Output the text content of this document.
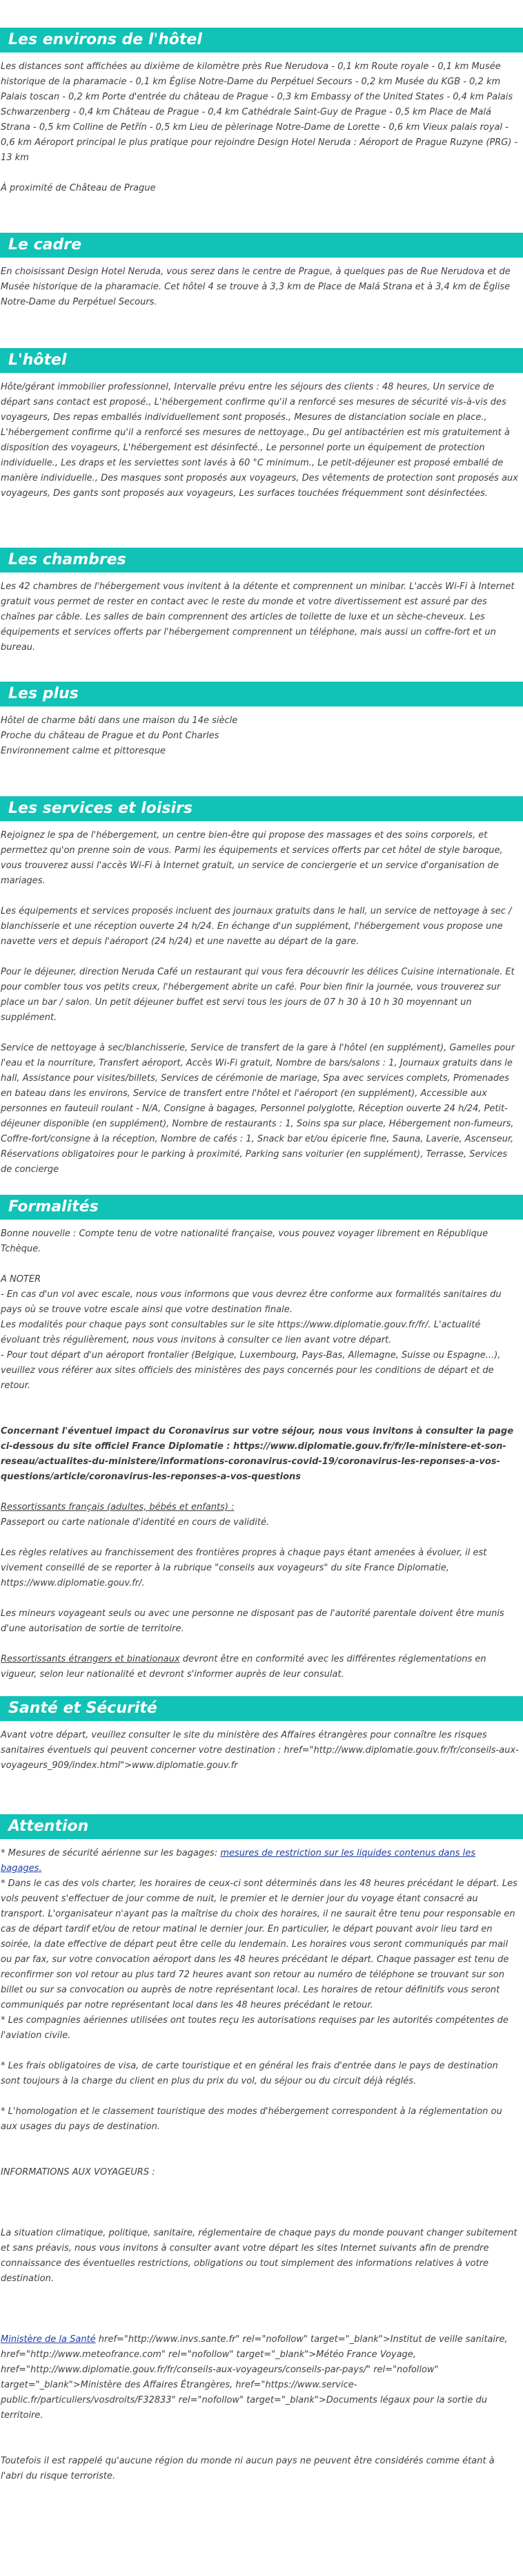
Les environs de l'hôtel

Les distances sont affichées au dixième de kilomètre près Rue Nerudova - 0,1 km Route royale - 0,1 km Musée historique de la pharamacie - 0,1 km Église Notre-Dame du Perpétuel Secours - 0,2 km Musée du KGB - 0,2 km Palais toscan - 0,2 km Porte d'entrée du château de Prague - 0,3 km Embassy of the United States - 0,4 km Palais Schwarzenberg - 0,4 km Château de Prague - 0,4 km Cathédrale Saint-Guy de Prague - 0,5 km Place de Malá Strana - 0,5 km Colline de Petřín - 0,5 km Lieu de pèlerinage Notre-Dame de Lorette - 0,6 km Vieux palais royal - 0,6 km Aéroport principal le plus pratique pour rejoindre Design Hotel Neruda : Aéroport de Prague Ruzyne (PRG) - 13 km

À proximité de Château de Prague

Le cadre

En choisissant Design Hotel Neruda, vous serez dans le centre de Prague, à quelques pas de Rue Nerudova et de Musée historique de la pharamacie. Cet hôtel 4 se trouve à 3,3 km de Place de Malá Strana et à 3,4 km de Église Notre-Dame du Perpétuel Secours.

L'hôtel

Hôte/gérant immobilier professionnel, Intervalle prévu entre les séjours des clients : 48 heures, Un service de départ sans contact est proposé., L'hébergement confirme qu'il a renforcé ses mesures de sécurité vis-à-vis des voyageurs, Des repas emballés individuellement sont proposés., Mesures de distanciation sociale en place., L'hébergement confirme qu'il a renforcé ses mesures de nettoyage., Du gel antibactérien est mis gratuitement à disposition des voyageurs, L'hébergement est désinfecté., Le personnel porte un équipement de protection individuelle., Les draps et les serviettes sont lavés à 60 °C minimum., Le petit-déjeuner est proposé emballé de manière individuelle., Des masques sont proposés aux voyageurs, Des vêtements de protection sont proposés aux voyageurs, Des gants sont proposés aux voyageurs, Les surfaces touchées fréquemment sont désinfectées.

Les chambres

Les 42 chambres de l'hébergement vous invitent à la détente et comprennent un minibar. L'accès Wi-Fi à Internet gratuit vous permet de rester en contact avec le reste du monde et votre divertissement est assuré par des chaînes par câble. Les salles de bain comprennent des articles de toilette de luxe et un sèche-cheveux. Les équipements et services offerts par l'hébergement comprennent un téléphone, mais aussi un coffre-fort et un bureau.

Les plus

Hôtel de charme bâti dans une maison du 14e siècle

Proche du château de Prague et du Pont Charles

Environnement calme et pittoresque

Les services et loisirs

Rejoignez le spa de l'hébergement, un centre bien-être qui propose des massages et des soins corporels, et permettez qu'on prenne soin de vous. Parmi les équipements et services offerts par cet hôtel de style baroque, vous trouverez aussi l'accès Wi-Fi à Internet gratuit, un service de conciergerie et un service d'organisation de mariages.

Les équipements et services proposés incluent des journaux gratuits dans le hall, un service de nettoyage à sec / blanchisserie et une réception ouverte 24 h/24. En échange d'un supplément, l'hébergement vous propose une navette vers et depuis l'aéroport (24 h/24) et une navette au départ de la gare.

Pour le déjeuner, direction Neruda Café un restaurant qui vous fera découvrir les délices Cuisine internationale. Et pour combler tous vos petits creux, l'hébergement abrite un café. Pour bien finir la journée, vous trouverez sur place un bar / salon. Un petit déjeuner buffet est servi tous les jours de 07 h 30 à 10 h 30 moyennant un supplément.

Service de nettoyage à sec/blanchisserie, Service de transfert de la gare à l'hôtel (en supplément), Gamelles pour l'eau et la nourriture, Transfert aéroport, Accès Wi-Fi gratuit, Nombre de bars/salons : 1, Journaux gratuits dans le hall, Assistance pour visites/billets, Services de cérémonie de mariage, Spa avec services complets, Promenades en bateau dans les environs, Service de transfert entre l'hôtel et l'aéroport (en supplément), Accessible aux personnes en fauteuil roulant - N/A, Consigne à bagages, Personnel polyglotte, Réception ouverte 24 h/24, Petit-déjeuner disponible (en supplément), Nombre de restaurants : 1, Soins spa sur place, Hébergement non-fumeurs, Coffre-fort/consigne à la réception, Nombre de cafés : 1, Snack bar et/ou épicerie fine, Sauna, Laverie, Ascenseur, Réservations obligatoires pour le parking à proximité, Parking sans voiturier (en supplément), Terrasse, Services de concierge

Formalités

Bonne nouvelle : Compte tenu de votre nationalité française, vous pouvez voyager librement en République Tchèque.

A NOTER

- En cas d'un vol avec escale, nous vous informons que vous devrez être conforme aux formalités sanitaires du pays où se trouve votre escale ainsi que votre destination finale.

Les modalités pour chaque pays sont consultables sur le site https://www.diplomatie.gouv.fr/fr/. L'actualité évoluant très régulièrement, nous vous invitons à consulter ce lien avant votre départ.

- Pour tout départ d'un aéroport frontalier (Belgique, Luxembourg, Pays-Bas, Allemagne, Suisse ou Espagne...), veuillez vous référer aux sites officiels des ministères des pays concernés pour les conditions de départ et de retour.

Concernant l'éventuel impact du Coronavirus sur votre séjour, nous vous invitons à consulter la page ci-dessous du site officiel France Diplomatie : https://www.diplomatie.gouv.fr/fr/le-ministere-et-son-reseau/actualites-du-ministere/informations-coronavirus-covid-19/coronavirus-les-reponses-a-vos-questions/article/coronavirus-les-reponses-a-vos-questions

Ressortissants français (adultes, bébés et enfants) :

Passeport ou carte nationale d'identité en cours de validité.

Les règles relatives au franchissement des frontières propres à chaque pays étant amenées à évoluer, il est vivement conseillé de se reporter à la rubrique "conseils aux voyageurs" du site France Diplomatie, https://www.diplomatie.gouv.fr/.

Les mineurs voyageant seuls ou avec une personne ne disposant pas de l'autorité parentale doivent être munis d'une autorisation de sortie de territoire.

Ressortissants étrangers et binationaux devront être en conformité avec les différentes réglementations en vigueur, selon leur nationalité et devront s'informer auprès de leur consulat.

Santé et Sécurité

Avant votre départ, veuillez consulter le site du ministère des Affaires étrangères pour connaître les risques sanitaires éventuels qui peuvent concerner votre destination : href="http://www.diplomatie.gouv.fr/fr/conseils-aux-voyageurs_909/index.html">www.diplomatie.gouv.fr

Attention

* Mesures de sécurité aérienne sur les bagages: mesures de restriction sur les liquides contenus dans les bagages.

* Dans le cas des vols charter, les horaires de ceux-ci sont déterminés dans les 48 heures précédant le départ. Les vols peuvent s'effectuer de jour comme de nuit, le premier et le dernier jour du voyage étant consacré au transport. L'organisateur n'ayant pas la maîtrise du choix des horaires, il ne saurait être tenu pour responsable en cas de départ tardif et/ou de retour matinal le dernier jour. En particulier, le départ pouvant avoir lieu tard en soirée, la date effective de départ peut être celle du lendemain. Les horaires vous seront communiqués par mail ou par fax, sur votre convocation aéroport dans les 48 heures précédant le départ. Chaque passager est tenu de reconfirmer son vol retour au plus tard 72 heures avant son retour au numéro de téléphone se trouvant sur son billet ou sur sa convocation ou auprès de notre représentant local. Les horaires de retour définitifs vous seront communiqués par notre représentant local dans les 48 heures précédant le retour.

* Les compagnies aériennes utilisées ont toutes reçu les autorisations requises par les autorités compétentes de l'aviation civile.

* Les frais obligatoires de visa, de carte touristique et en général les frais d'entrée dans le pays de destination sont toujours à la charge du client en plus du prix du vol, du séjour ou du circuit déjà réglés.

* L'homologation et le classement touristique des modes d'hébergement correspondent à la réglementation ou aux usages du pays de destination.

INFORMATIONS AUX VOYAGEURS :

La situation climatique, politique, sanitaire, réglementaire de chaque pays du monde pouvant changer subitement et sans préavis, nous vous invitons à consulter avant votre départ les sites Internet suivants afin de prendre connaissance des éventuelles restrictions, obligations ou tout simplement des informations relatives à votre destination.

Ministère de la Santé href="http://www.invs.sante.fr" rel="nofollow" target="_blank">Institut de veille sanitaire, href="http://www.meteofrance.com" rel="nofollow" target="_blank">Météo France Voyage, href="http://www.diplomatie.gouv.fr/fr/conseils-aux-voyageurs/conseils-par-pays/" rel="nofollow" target="_blank">Ministère des Affaires Étrangères, href="https://www.service-public.fr/particuliers/vosdroits/F32833" rel="nofollow" target="_blank">Documents légaux pour la sortie du territoire.

Toutefois il est rappelé qu'aucune région du monde ni aucun pays ne peuvent être considérés comme étant à l'abri du risque terroriste.
